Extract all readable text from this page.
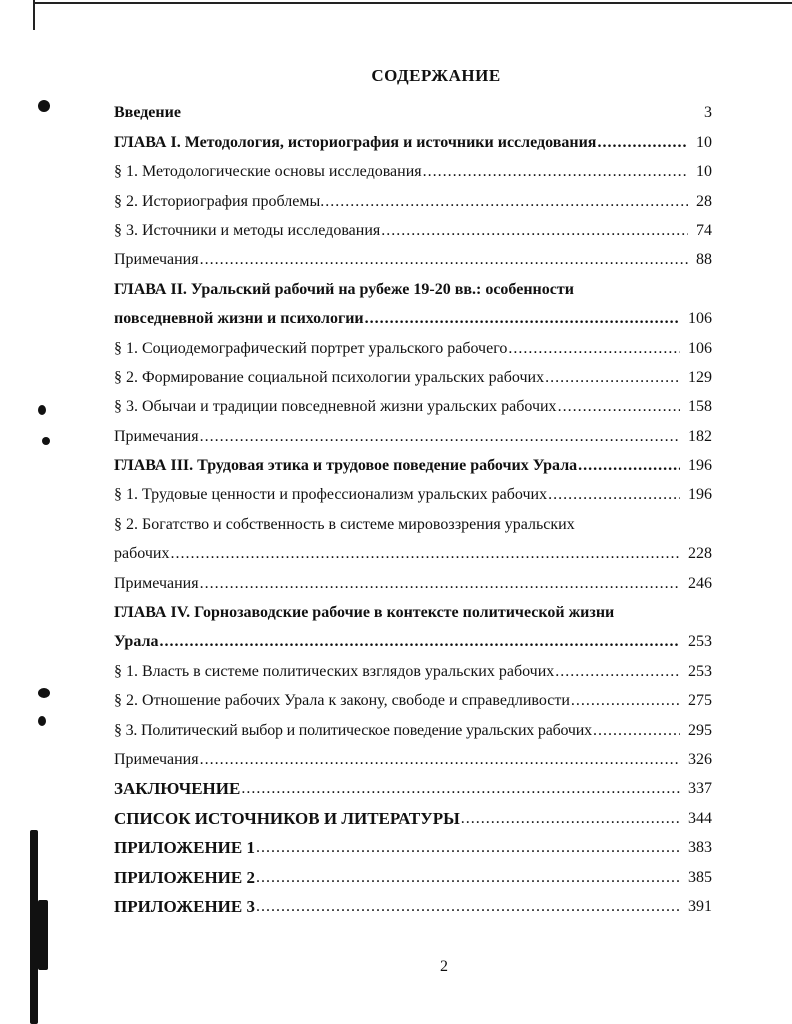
СОДЕРЖАНИЕ
Введение	3
ГЛАВА I. Методология, историография и источники исследования .....	10
§ 1. Методологические основы исследования .....	10
§ 2. Историография проблемы. .....	28
§ 3. Источники и методы исследования .....	74
Примечания .....	88
ГЛАВА II. Уральский рабочий на рубеже 19-20 вв.: особенности
повседневной жизни и психологии .....	106
§ 1. Социодемографический портрет уральского рабочего .....	106
§ 2. Формирование социальной психологии уральских рабочих .....	129
§ 3. Обычаи и традиции повседневной жизни уральских рабочих .....	158
Примечания .....	182
ГЛАВА III. Трудовая этика и трудовое поведение рабочих Урала .....	196
§ 1. Трудовые ценности и профессионализм уральских рабочих .....	196
§ 2. Богатство и собственность в системе мировоззрения уральских
рабочих .....	228
Примечания .....	246
ГЛАВА IV. Горнозаводские рабочие в контексте политической жизни
Урала .....	253
§ 1. Власть в системе политических взглядов уральских рабочих .....	253
§ 2. Отношение рабочих Урала к закону, свободе и справедливости .....	275
§ 3. Политический выбор и политическое поведение уральских рабочих .....	295
Примечания .....	326
ЗАКЛЮЧЕНИЕ .....	337
СПИСОК ИСТОЧНИКОВ И ЛИТЕРАТУРЫ .....	344
ПРИЛОЖЕНИЕ 1 .....	383
ПРИЛОЖЕНИЕ 2 .....	385
ПРИЛОЖЕНИЕ 3 .....	391
2
